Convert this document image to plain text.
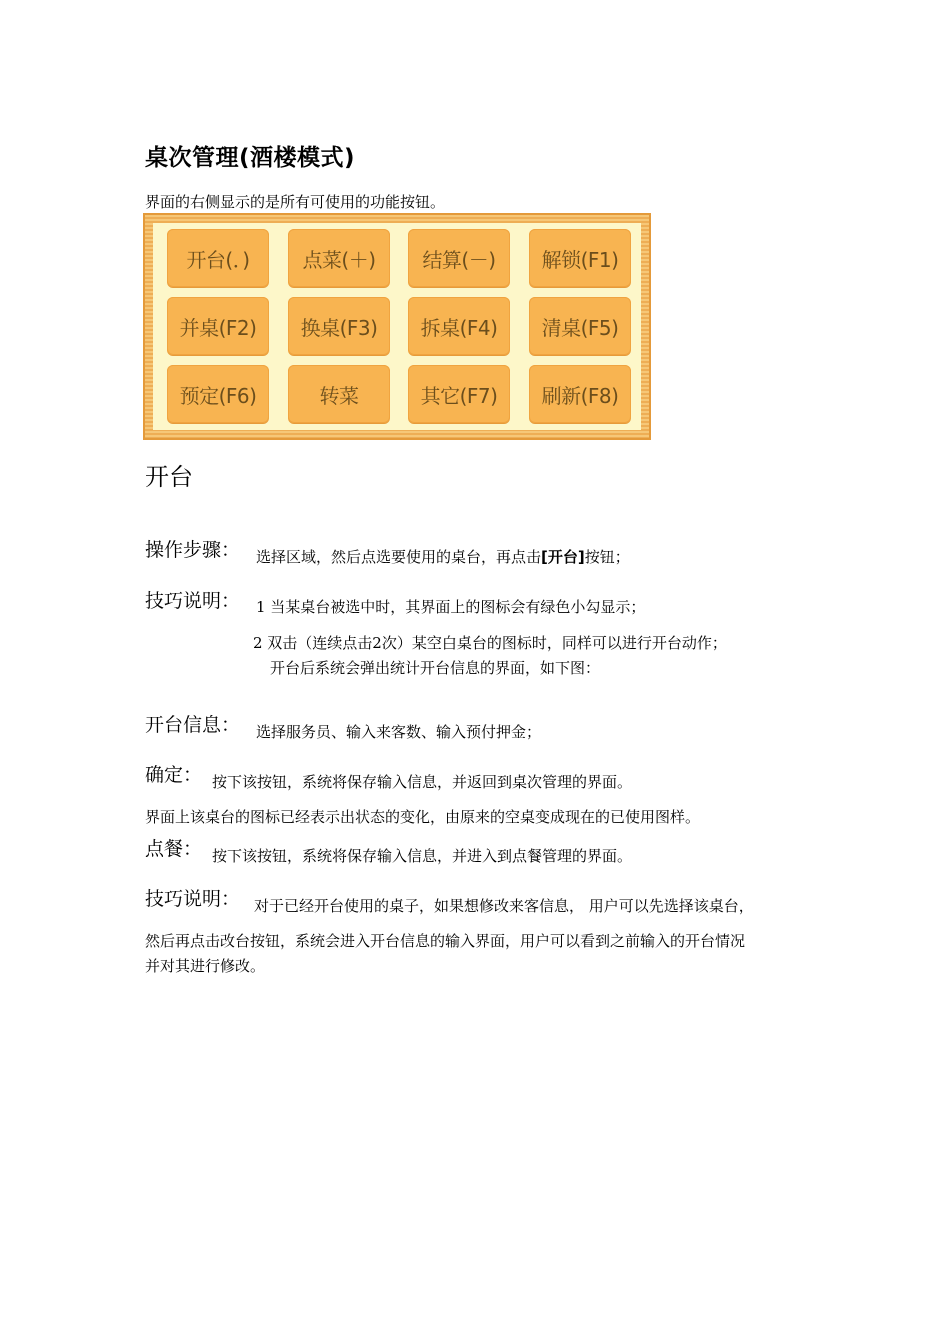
桌次管理(酒楼模式)
界面的右侧显示的是所有可使用的功能按钮。
开台(．)	点菜(＋)	结算(－)	解锁(F1)
并桌(F2)	换桌(F3)	拆桌(F4)	清桌(F5)
预定(F6)	转菜	其它(F7)	刷新(F8)
开台
操作步骤： 选择区域，然后点选要使用的桌台，再点击[开台]按钮；
技巧说明： 1 当某桌台被选中时，其界面上的图标会有绿色小勾显示；
2 双击（连续点击2次）某空白桌台的图标时，同样可以进行开台动作；
开台后系统会弹出统计开台信息的界面，如下图：
开台信息： 选择服务员、输入来客数、输入预付押金；
确定： 按下该按钮，系统将保存输入信息，并返回到桌次管理的界面。
界面上该桌台的图标已经表示出状态的变化，由原来的空桌变成现在的已使用图样。
点餐： 按下该按钮，系统将保存输入信息，并进入到点餐管理的界面。
技巧说明： 对于已经开台使用的桌子，如果想修改来客信息， 用户可以先选择该桌台，
然后再点击改台按钮，系统会进入开台信息的输入界面，用户可以看到之前输入的开台情况
并对其进行修改。
